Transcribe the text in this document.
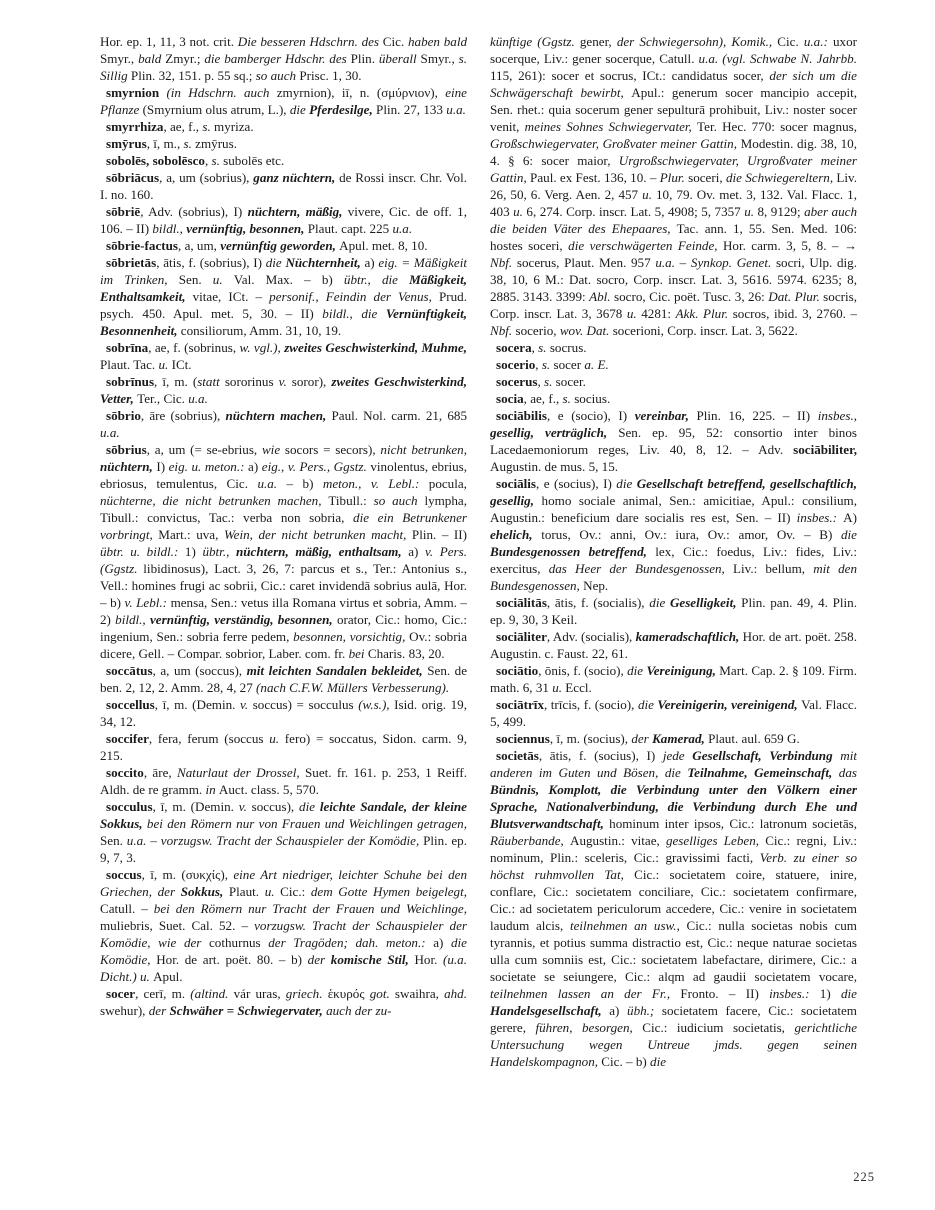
Hor. ep. 1, 11, 3 not. crit. Die besseren Hdschrn. des Cic. haben bald Smyr., bald Zmyr.; die bamberger Hdschr. des Plin. überall Smyr., s. Sillig Plin. 32, 151. p. 55 sq.; so auch Prisc. 1, 30.

smyrnion (in Hdschrn. auch zmyrnion), iī, n. (σμύρνιον), eine Pflanze (Smyrnium olus atrum, L.), die Pferdesilge, Plin. 27, 133 u.a.

smyrrhiza, ae, f., s. myriza.

smȳrus, ī, m., s. zmȳrus.

sobolēs, sobolēsco, s. subolēs etc.

sōbriācus, a, um (sobrius), ganz nüchtern, de Rossi inscr. Chr. Vol. I. no. 160.

sōbriē, Adv. (sobrius), I) nüchtern, mäßig, vivere, Cic. de off. 1, 106. – II) bildl., vernünftig, besonnen, Plaut. capt. 225 u.a.

sōbrie-factus, a, um, vernünftig geworden, Apul. met. 8, 10.

sōbrietās, ātis, f. (sobrius), I) die Nüchternheit, a) eig. = Mäßigkeit im Trinken, Sen. u. Val. Max. – b) übtr., die Mäßigkeit, Enthaltsamkeit, vitae, ICt. – personif., Feindin der Venus, Prud. psych. 450. Apul. met. 5, 30. – II) bildl., die Vernünftigkeit, Besonnenheit, consiliorum, Amm. 31, 10, 19.

sobrīna, ae, f. (sobrinus, w. vgl.), zweites Geschwisterkind, Muhme, Plaut. Tac. u. ICt.

sobrīnus, ī, m. (statt sororinus v. soror), zweites Geschwisterkind, Vetter, Ter., Cic. u.a.

sōbrio, āre (sobrius), nüchtern machen, Paul. Nol. carm. 21, 685 u.a.

sōbrius, a, um (= se-ebrius, wie socors = secors), nicht betrunken, nüchtern, I) eig. u. meton.: a) eig., v. Pers., Ggstz. vinolentus, ebrius, ebriosus, temulentus, Cic. u.a. – b) meton., v. Lebl.: pocula, nüchterne, die nicht betrunken machen, Tibull.: so auch lympha, Tibull.: convictus, Tac.: verba non sobria, die ein Betrunkener vorbringt, Mart.: uva, Wein, der nicht betrunken macht, Plin. – II) übtr. u. bildl.: 1) übtr., nüchtern, mäßig, enthaltsam, a) v. Pers. (Ggstz. libidinosus), Lact. 3, 26, 7: parcus et s., Ter.: Antonius s., Vell.: homines frugi ac sobrii, Cic.: caret invidendā sobrius aulā, Hor. – b) v. Lebl.: mensa, Sen.: vetus illa Romana virtus et sobria, Amm. – 2) bildl., vernünftig, verständig, besonnen, orator, Cic.: homo, Cic.: ingenium, Sen.: sobria ferre pedem, besonnen, vorsichtig, Ov.: sobria dicere, Gell. – Compar. sobrior, Laber. com. fr. bei Charis. 83, 20.

soccātus, a, um (soccus), mit leichten Sandalen bekleidet, Sen. de ben. 2, 12, 2. Amm. 28, 4, 27 (nach C.F.W. Müllers Verbesserung).

soccellus, ī, m. (Demin. v. soccus) = socculus (w.s.), Isid. orig. 19, 34, 12.

soccifer, fera, ferum (soccus u. fero) = soccatus, Sidon. carm. 9, 215.

soccito, āre, Naturlaut der Drossel, Suet. fr. 161. p. 253, 1 Reiff. Aldh. de re gramm. in Auct. class. 5, 570.

socculus, ī, m. (Demin. v. soccus), die leichte Sandale, der kleine Sokkus, bei den Römern nur von Frauen und Weichlingen getragen, Sen. u.a. – vorzugsw. Tracht der Schauspieler der Komödie, Plin. ep. 9, 7, 3.

soccus, ī, m. (συκχίς), eine Art niedriger, leichter Schuhe bei den Griechen, der Sokkus, Plaut. u. Cic.: dem Gotte Hymen beigelegt, Catull. – bei den Römern nur Tracht der Frauen und Weichlinge, muliebris, Suet. Cal. 52. – vorzugsw. Tracht der Schauspieler der Komödie, wie der cothurnus der Tragöden; dah. meton.: a) die Komödie, Hor. de art. poët. 80. – b) der komische Stil, Hor. (u.a. Dicht.) u. Apul.

socer, cerī, m. (altind. vár uras, griech. ἑκυρός got. swaihra, ahd. swehur), der Schwäher = Schwiegervater, auch der zu-

künftige (Ggstz. gener, der Schwiegersohn), Komik., Cic. u.a.: uxor socerque, Liv.: gener socerque, Catull. u.a. (vgl. Schwabe N. Jahrbb. 115, 261): socer et socrus, ICt.: candidatus socer, der sich um die Schwägerschaft bewirbt, Apul.: generum socer mancipio accepit, Sen. rhet.: quia socerum gener sepulturā prohibuit, Liv.: noster socer venit, meines Sohnes Schwiegervater, Ter. Hec. 770: socer magnus, Großschwiegervater, Großvater meiner Gattin, Modestin. dig. 38, 10, 4. § 6: socer maior, Urgroßschwiegervater, Urgroßvater meiner Gattin, Paul. ex Fest. 136, 10. – Plur. soceri, die Schwiegereltern, Liv. 26, 50, 6. Verg. Aen. 2, 457 u. 10, 79. Ov. met. 3, 132. Val. Flacc. 1, 403 u. 6, 274. Corp. inscr. Lat. 5, 4908; 5, 7357 u. 8, 9129; aber auch die beiden Väter des Ehepaares, Tac. ann. 1, 55. Sen. Med. 106: hostes soceri, die verschwägerten Feinde, Hor. carm. 3, 5, 8. – → Nbf. socerus, Plaut. Men. 957 u.a. – Synkop. Genet. socri, Ulp. dig. 38, 10, 6 M.: Dat. socro, Corp. inscr. Lat. 3, 5616. 5974. 6235; 8, 2885. 3143. 3399: Abl. socro, Cic. poët. Tusc. 3, 26: Dat. Plur. socris, Corp. inscr. Lat. 3, 3678 u. 4281: Akk. Plur. socros, ibid. 3, 2760. – Nbf. socerio, wov. Dat. socerioni, Corp. inscr. Lat. 3, 5622.

socera, s. socrus.

socerio, s. socer a. E.

socerus, s. socer.

socia, ae, f., s. socius.

sociābilis, e (socio), I) vereinbar, Plin. 16, 225. – II) insbes., gesellig, verträglich, Sen. ep. 95, 52: consortio inter binos Lacedaemoniorum reges, Liv. 40, 8, 12. – Adv. sociābiliter, Augustin. de mus. 5, 15.

sociālis, e (socius), I) die Gesellschaft betreffend, gesellschaftlich, gesellig, homo sociale animal, Sen.: amicitiae, Apul.: consilium, Augustin.: beneficium dare socialis res est, Sen. – II) insbes.: A) ehelich, torus, Ov.: anni, Ov.: iura, Ov.: amor, Ov. – B) die Bundesgenossen betreffend, lex, Cic.: foedus, Liv.: fides, Liv.: exercitus, das Heer der Bundesgenossen, Liv.: bellum, mit den Bundesgenossen, Nep.

sociālitās, ātis, f. (socialis), die Geselligkeit, Plin. pan. 49, 4. Plin. ep. 9, 30, 3 Keil.

sociāliter, Adv. (socialis), kameradschaftlich, Hor. de art. poët. 258. Augustin. c. Faust. 22, 61.

sociātio, ōnis, f. (socio), die Vereinigung, Mart. Cap. 2. § 109. Firm. math. 6, 31 u. Eccl.

sociātrīx, trīcis, f. (socio), die Vereinigerin, vereinigend, Val. Flacc. 5, 499.

sociennus, ī, m. (socius), der Kamerad, Plaut. aul. 659 G.

societās, ātis, f. (socius), I) jede Gesellschaft, Verbindung mit anderen im Guten und Bösen, die Teilnahme, Gemeinschaft, das Bündnis, Komplott, die Verbindung unter den Völkern einer Sprache, Nationalverbindung, die Verbindung durch Ehe und Blutsverwandtschaft, hominum inter ipsos, Cic.: latronum societās, Räuberbande, Augustin.: vitae, geselliges Leben, Cic.: regni, Liv.: nominum, Plin.: sceleris, Cic.: gravissimi facti, Verb. zu einer so höchst ruhmvollen Tat, Cic.: societatem coire, statuere, inire, conflare, Cic.: societatem conciliare, Cic.: societatem confirmare, Cic.: ad societatem periculorum accedere, Cic.: venire in societatem laudum alcis, teilnehmen an usw., Cic.: nulla societas nobis cum tyrannis, et potius summa distractio est, Cic.: neque naturae societas ulla cum somniis est, Cic.: societatem labefactare, dirimere, Cic.: a societate se seiungere, Cic.: alqm ad gaudii societatem vocare, teilnehmen lassen an der Fr., Fronto. – II) insbes.: 1) die Handelsgesellschaft, a) übh.; societatem facere, Cic.: societatem gerere, führen, besorgen, Cic.: iudicium societatis, gerichtliche Untersuchung wegen Untreue jmds. gegen seinen Handelskompagnon, Cic. – b) die

225
